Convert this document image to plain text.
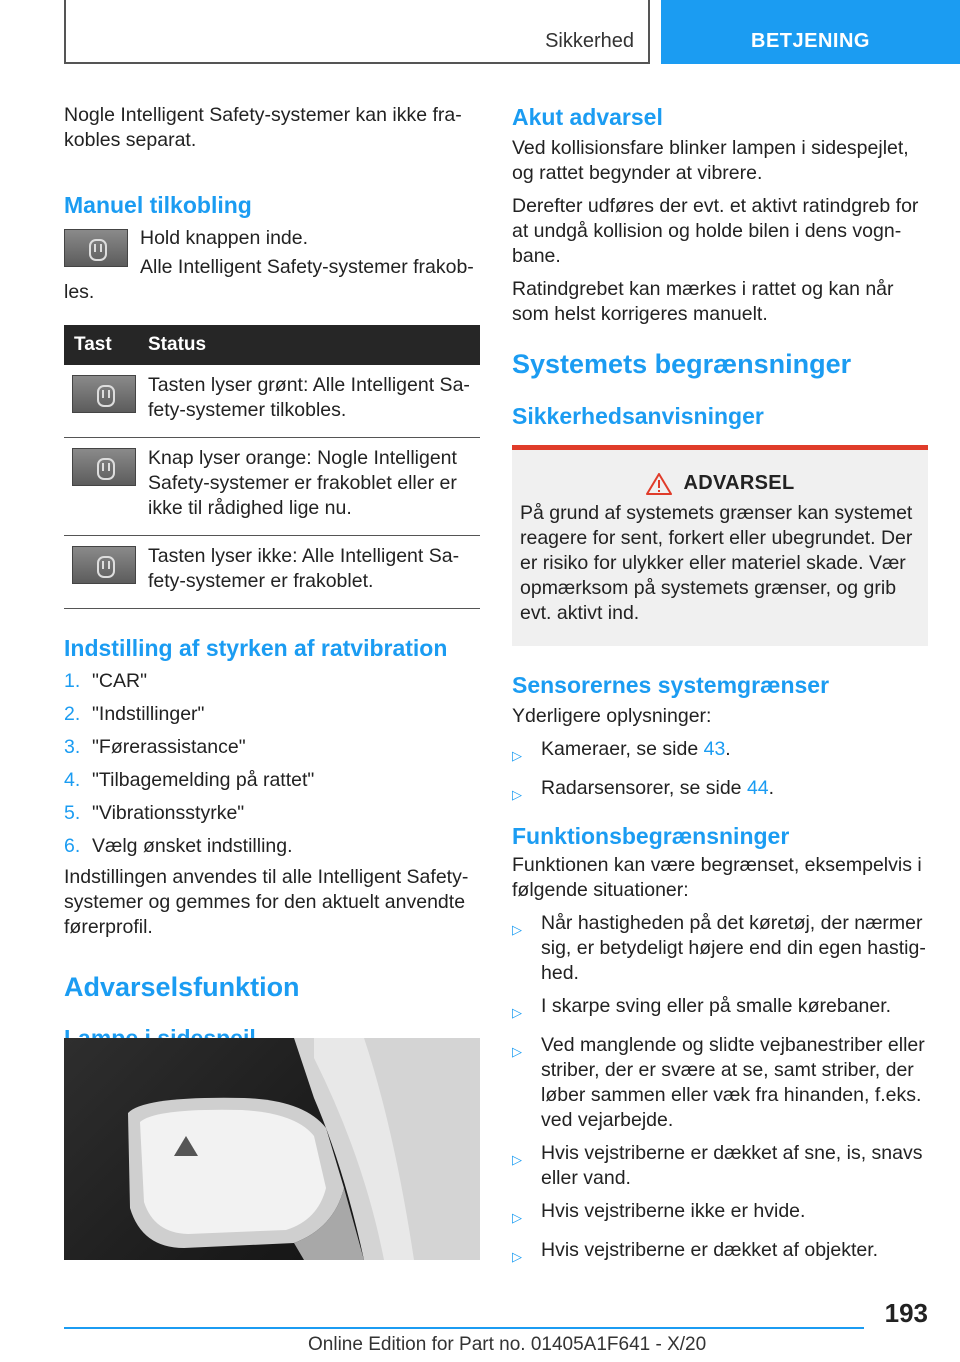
Sikkerhed	BETJENING

Nogle Intelligent Safety-systemer kan ikke fra-kobles separat.

Manuel tilkobling

Hold knappen inde.

Alle Intelligent Safety-systemer frakob-les.

Tast	Status

	Tasten lyser grønt: Alle Intelligent Sa-fety-systemer tilkobles.

	Knap lyser orange: Nogle Intelligent Safety-systemer er frakoblet eller er ikke til rådighed lige nu.

	Tasten lyser ikke: Alle Intelligent Sa-fety-systemer er frakoblet.
Indstilling af styrken af ratvibration
1. "CAR"
2. "Indstillinger"
3. "Førerassistance"
4. "Tilbagemelding på rattet"
5. "Vibrationsstyrke"
6. Vælg ønsket indstilling.

Indstillingen anvendes til alle Intelligent Safety-systemer og gemmes for den aktuelt anvendte førerprofil.

Advarselsfunktion
Akut advarsel

Ved kollisionsfare blinker lampen i sidespejlet, og rattet begynder at vibrere.

Derefter udføres der evt. et aktivt ratindgreb for at undgå kollision og holde bilen i dens vogn-bane.

Ratindgrebet kan mærkes i rattet og kan når som helst korrigeres manuelt.

Systemets begrænsninger
Sikkerhedsanvisninger
ADVARSEL

På grund af systemets grænser kan systemet reagere for sent, forkert eller ubegrundet. Der er risiko for ulykker eller materiel skade. Vær opmærksom på systemets grænser, og grib evt. aktivt ind.

Sensorernes systemgrænser

Yderligere oplysninger:

▷ Kameraer, se side 43.
▷ Radarsensorer, se side 44.
Funktionsbegrænsninger

Funktionen kan være begrænset, eksempelvis i følgende situationer:

▷ Når hastigheden på det køretøj, der nærmer sig, er betydeligt højere end din egen hastig-hed.
▷ I skarpe sving eller på smalle kørebaner.
▷ Ved manglende og slidte vejbanestriber eller striber, der er svære at se, samt striber, der løber sammen eller væk fra hinanden, f.eks. ved vejarbejde.
▷ Hvis vejstriberne er dækket af sne, is, snavs eller vand.
▷ Hvis vejstriberne ikke er hvide.
▷ Hvis vejstriberne er dækket af objekter.
193
Online Edition for Part no. 01405A1F641 - X/20
